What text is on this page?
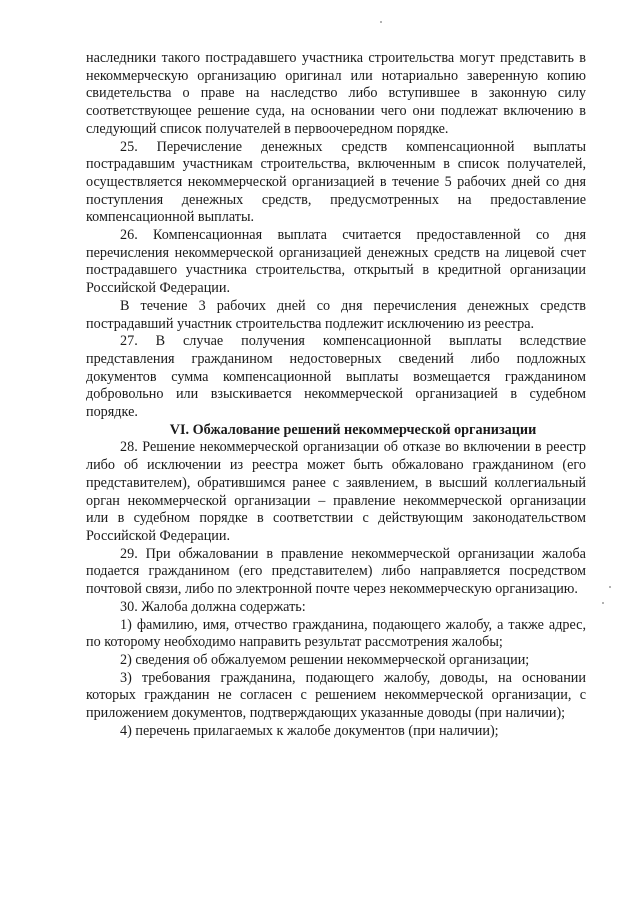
наследники такого пострадавшего участника строительства могут представить в некоммерческую организацию оригинал или нотариально заверенную копию свидетельства о праве на наследство либо вступившее в законную силу соответствующее решение суда, на основании чего они подлежат включению в следующий список получателей в первоочередном порядке.

25. Перечисление денежных средств компенсационной выплаты пострадавшим участникам строительства, включенным в список получателей, осуществляется некоммерческой организацией в течение 5 рабочих дней со дня поступления денежных средств, предусмотренных на предоставление компенсационной выплаты.

26. Компенсационная выплата считается предоставленной со дня перечисления некоммерческой организацией денежных средств на лицевой счет пострадавшего участника строительства, открытый в кредитной организации Российской Федерации.

В течение 3 рабочих дней со дня перечисления денежных средств пострадавший участник строительства подлежит исключению из реестра.

27. В случае получения компенсационной выплаты вследствие представления гражданином недостоверных сведений либо подложных документов сумма компенсационной выплаты возмещается гражданином добровольно или взыскивается некоммерческой организацией в судебном порядке.

VI. Обжалование решений некоммерческой организации

28. Решение некоммерческой организации об отказе во включении в реестр либо об исключении из реестра может быть обжаловано гражданином (его представителем), обратившимся ранее с заявлением, в высший коллегиальный орган некоммерческой организации – правление некоммерческой организации или в судебном порядке в соответствии с действующим законодательством Российской Федерации.

29. При обжаловании в правление некоммерческой организации жалоба подается гражданином (его представителем) либо направляется посредством почтовой связи, либо по электронной почте через некоммерческую организацию.

30. Жалоба должна содержать:

1) фамилию, имя, отчество гражданина, подающего жалобу, а также адрес, по которому необходимо направить результат рассмотрения жалобы;

2) сведения об обжалуемом решении некоммерческой организации;

3) требования гражданина, подающего жалобу, доводы, на основании которых гражданин не согласен с решением некоммерческой организации, с приложением документов, подтверждающих указанные доводы (при наличии);

4) перечень прилагаемых к жалобе документов (при наличии);
